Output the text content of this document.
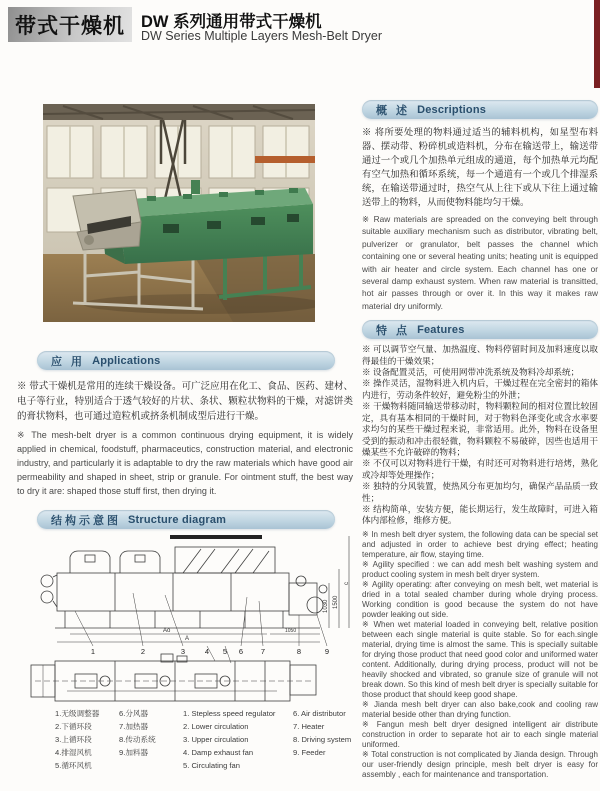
带式干燥机 DW 系列通用带式干燥机
DW Series Multiple Layers Mesh-Belt Dryer
应 用 Applications

※ 带式干燥机是常用的连续干燥设备。可广泛应用在化工、食品、医药、建材、电子等行业，特别适合于透气较好的片状、条状、颗粒状物料的干燥，对滤饼类的膏状物料，也可通过造粒机或挤条机制成型后进行干燥。

※ The mesh-belt dryer is a common continuous drying equipment, it is widely applied in chemical, foodstuff, pharmaceutics, construction material, and electronic industry, and particularly it is adaptable to dry the raw materials which have good air permeability and shaped in sheet, strip or granule. For ointment stuff, the best way to dry it are: shaped those stuff first, then drying it.

结构示意图 Structure diagram
1030 1500
c
Ao	1050
A
1	2	3	4 5 6 7	8	9
1.无级调整器
2.下循环段
3.上循环段
4.排湿风机
5.循环风机
6.分风器
7.加热器
8.传动系统
9.加料器
1. Stepless speed regulator
2. Lower circulation
3. Upper circulation
4. Damp exhaust fan
5. Circulating fan
6. Air distributor
7. Heater
8. Driving system
9. Feeder
概 述 Descriptions

※ 将所要处理的物料通过适当的辅料机构，如星型布料器、摆动带、粉碎机或造料机，分布在输送带上，输送带通过一个或几个加热单元组成的通道，每个加热单元均配有空气加热和循环系统，每一个通道有一个或几个排湿系统，在输送带通过时，热空气从上往下或从下往上通过输送带上的物料，从而使物料能均匀干燥。

※ Raw materials are spreaded on the conveying belt through suitable auxiliary mechanism such as distributor, vibrating belt, pulverizer or granulator, belt passes the channel which containing one or several heating units; heating unit is equipped with air heater and circle system. Each channel has one or several damp exhaust system. When raw material is transitted, hot air passes through or over it. In this way it makes raw material dry uniformly.

特 点 Features

※ 可以调节空气量、加热温度、物料停留时间及加料速度以取得最佳的干燥效果；

※ 设备配置灵活，可使用网带冲洗系统及物料冷却系统；

※ 操作灵活，湿物料进入机内后，干燥过程在完全密封的箱体内进行，劳动条件较好，避免粉尘的外泄；

※ 干燥物料随同输送带移动时，物料颗粒间的相对位置比较固定，具有基本相同的干燥时间，对于物料色泽变化或含水率要求均匀的某些干燥过程来说，非常适用。此外，物料在设备里受到的振动和冲击很轻微，物料颗粒不易破碎，因些也适用干燥某些不允许破碎的物料；

※ 不仅可以对物料进行干燥，有时还可对物料进行培烤，熟化或冷却等处理操作；

※ 独特的分风装置，使热风分布更加均匀，确保产品品质一致性；

※ 结构简单，安装方便，能长期运行，发生故障时，可进入箱体内部检修，维修方便。

※ In mesh belt dryer system, the following data can be special set and adjusted in order to achieve best drying effect；heating temperature, air flow, staying time.

※ Agility specified : we can add mesh belt washing system and product cooling system in mesh belt dryer system.

※ Agility operating: after conveying on mesh belt, wet material is dried in a total sealed chamber during whole drying process. Working condition is good because the system do not have powder leaking out side.

※ When wet material loaded in conveying belt, relative position between each single material is quite stable. So for each.single material, drying time is almost the same. This is specially suitable for drying those product that need good color and uniformed water content. Additionally, during drying process, product will not be heavily shocked and vibrated, so granule size of granule will not break down. So this kind of mesh belt dryer is specially suitable for those product that should keep good shape.

※ Jianda mesh belt dryer can also bake,cook and cooling raw material beside other than drying function.

※ Fangun mesh belt dryer designed intelligent air distribute construction in order to separate hot air to each single material uniformed.

※ Total construction is not complicated by Jianda design. Through our user-friendly design principle, mesh belt dryer is easy for assembly , each for maintenance and transportation.
